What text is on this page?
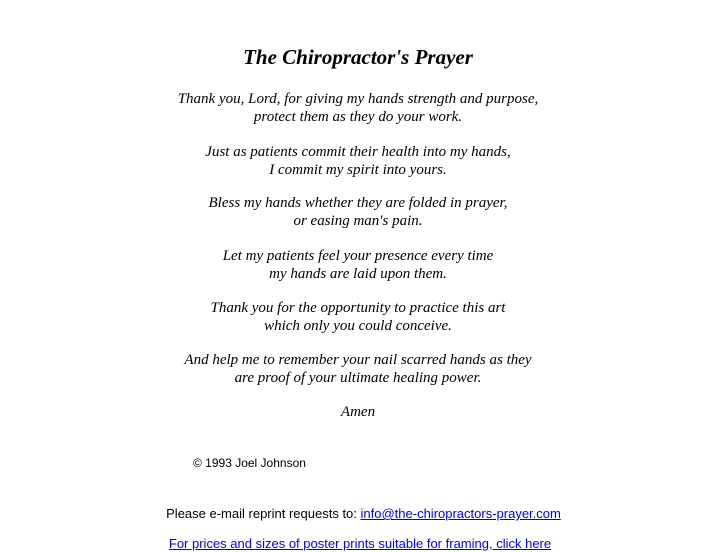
The Chiropractor's Prayer

Thank you, Lord, for giving my hands strength and purpose,
protect them as they do your work.

Just as patients commit their health into my hands,
I commit my spirit into yours.

Bless my hands whether they are folded in prayer,
or easing man's pain.

Let my patients feel your presence every time
my hands are laid upon them.

Thank you for the opportunity to practice this art
which only you could conceive.

And help me to remember your nail scarred hands as they
are proof of your ultimate healing power.

Amen

© 1993 Joel Johnson

Please e-mail reprint requests to: info@the-chiropractors-prayer.com

For prices and sizes of poster prints suitable for framing, click here
